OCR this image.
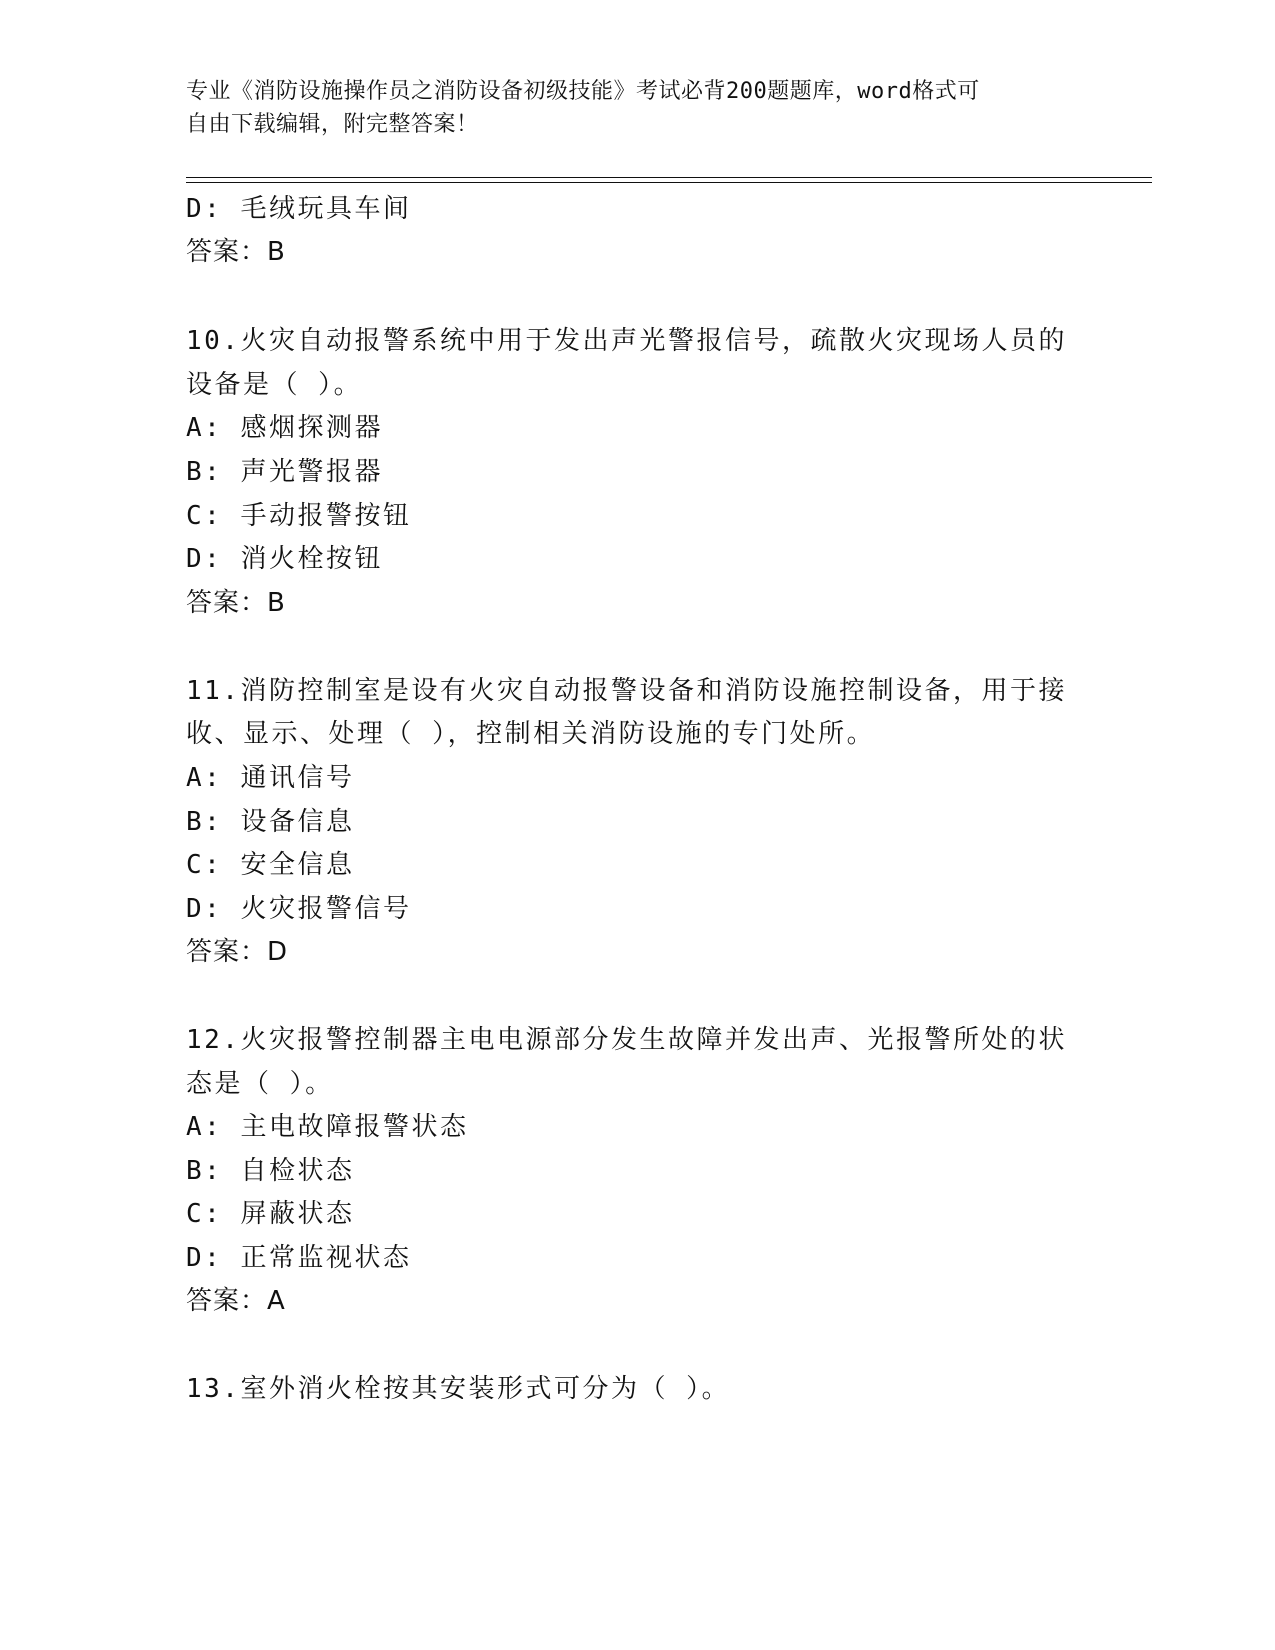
专业《消防设施操作员之消防设备初级技能》考试必背200题题库，word格式可
自由下载编辑，附完整答案！
D: 毛绒玩具车间
答案：B
10.火灾自动报警系统中用于发出声光警报信号，疏散火灾现场人员的
设备是（ ）。
A: 感烟探测器
B: 声光警报器
C: 手动报警按钮
D: 消火栓按钮
答案：B
11.消防控制室是设有火灾自动报警设备和消防设施控制设备，用于接
收、显示、处理（ ），控制相关消防设施的专门处所。
A: 通讯信号
B: 设备信息
C: 安全信息
D: 火灾报警信号
答案：D
12.火灾报警控制器主电电源部分发生故障并发出声、光报警所处的状
态是（ ）。
A: 主电故障报警状态
B: 自检状态
C: 屏蔽状态
D: 正常监视状态
答案：A
13.室外消火栓按其安装形式可分为（ ）。
